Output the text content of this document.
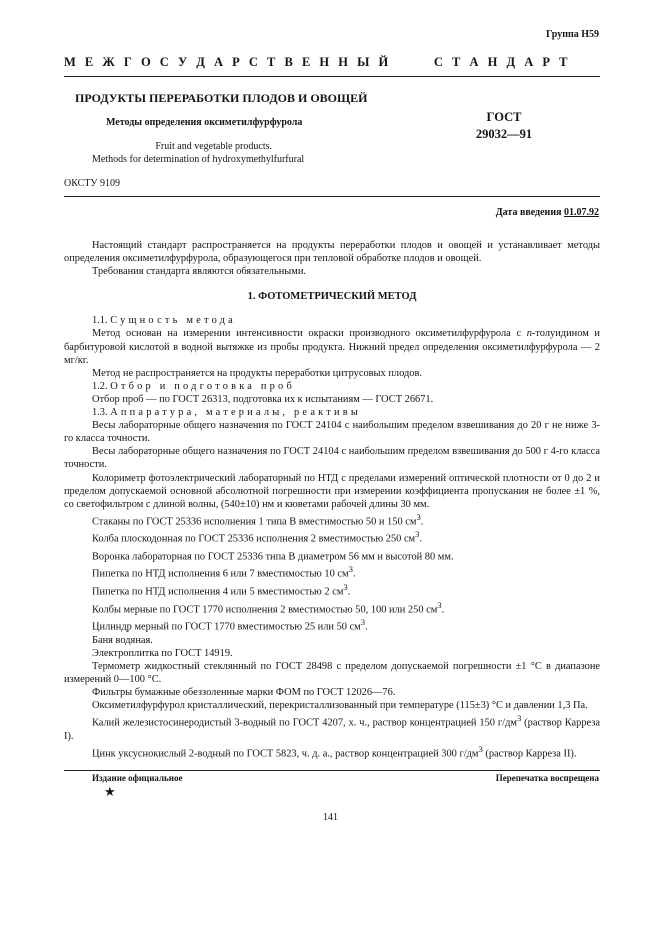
Группа Н59
М Е Ж Г О С У Д А Р С Т В Е Н Н Ы Й     С Т А Н Д А Р Т
ПРОДУКТЫ ПЕРЕРАБОТКИ ПЛОДОВ И ОВОЩЕЙ
Методы определения оксиметилфурфурола	ГОСТ
29032—91
Fruit and vegetable products.
Methods for determination of hydroxymethylfurfural
ОКСТУ 9109
Дата введения 01.07.92

Настоящий стандарт распространяется на продукты переработки плодов и овощей и устанавливает методы определения оксиметилфурфурола, образующегося при тепловой обработке плодов и овощей.

Требования стандарта являются обязательными.

1. ФОТОМЕТРИЧЕСКИЙ МЕТОД

1.1. Сущность метода

Метод основан на измерении интенсивности окраски производного оксиметилфурфурола с n-толуидином и барбитуровой кислотой в водной вытяжке из пробы продукта. Нижний предел определения оксиметилфурфурола — 2 мг/кг.

Метод не распространяется на продукты переработки цитрусовых плодов.

1.2. Отбор и подготовка проб

Отбор проб — по ГОСТ 26313, подготовка их к испытаниям — ГОСТ 26671.

1.3. Аппаратура, материалы, реактивы

Весы лабораторные общего назначения по ГОСТ 24104 с наибольшим пределом взвешивания до 20 г не ниже 3-го класса точности.

Весы лабораторные общего назначения по ГОСТ 24104 с наибольшим пределом взвешивания до 500 г 4-го класса точности.

Колориметр фотоэлектрический лабораторный по НТД с пределами измерений оптической плотности от 0 до 2 и пределом допускаемой основной абсолютной погрешности при измерении коэффициента пропускания не более ±1 %, со светофильтром с длиной волны, (540±10) нм и кюветами рабочей длины 30 мм.

Стаканы по ГОСТ 25336 исполнения 1 типа В вместимостью 50 и 150 $см^3$.

Колба плоскодонная по ГОСТ 25336 исполнения 2 вместимостью 250 $см^3$.

Воронка лабораторная по ГОСТ 25336 типа В диаметром 56 мм и высотой 80 мм.

Пипетка по НТД исполнения 6 или 7 вместимостью 10 $см^3$.

Пипетка по НТД исполнения 4 или 5 вместимостью 2 $см^3$.

Колбы мерные по ГОСТ 1770 исполнения 2 вместимостью 50, 100 или 250 $см^3$.

Цилиндр мерный по ГОСТ 1770 вместимостью 25 или 50 $см^3$.

Баня водяная.

Электроплитка по ГОСТ 14919.

Термометр жидкостный стеклянный по ГОСТ 28498 с пределом допускаемой погрешности ±1 °С в диапазоне измерений 0—100 °С.

Фильтры бумажные обеззоленные марки ФОМ по ГОСТ 12026—76.

Оксиметилфурфурол кристаллический, перекристаллизованный при температуре (115±3) °С и давлении 1,3 Па.

Калий железистосинеродистый 3-водный по ГОСТ 4207, х. ч., раствор концентрацией 150 $г/дм^3$ (раствор Карреза I).

Цинк уксуснокислый 2-водный по ГОСТ 5823, ч. д. а., раствор концентрацией 300 $г/дм^3$ (раствор Карреза II).

Издание официальное
★
Перепечатка воспрещена
141
